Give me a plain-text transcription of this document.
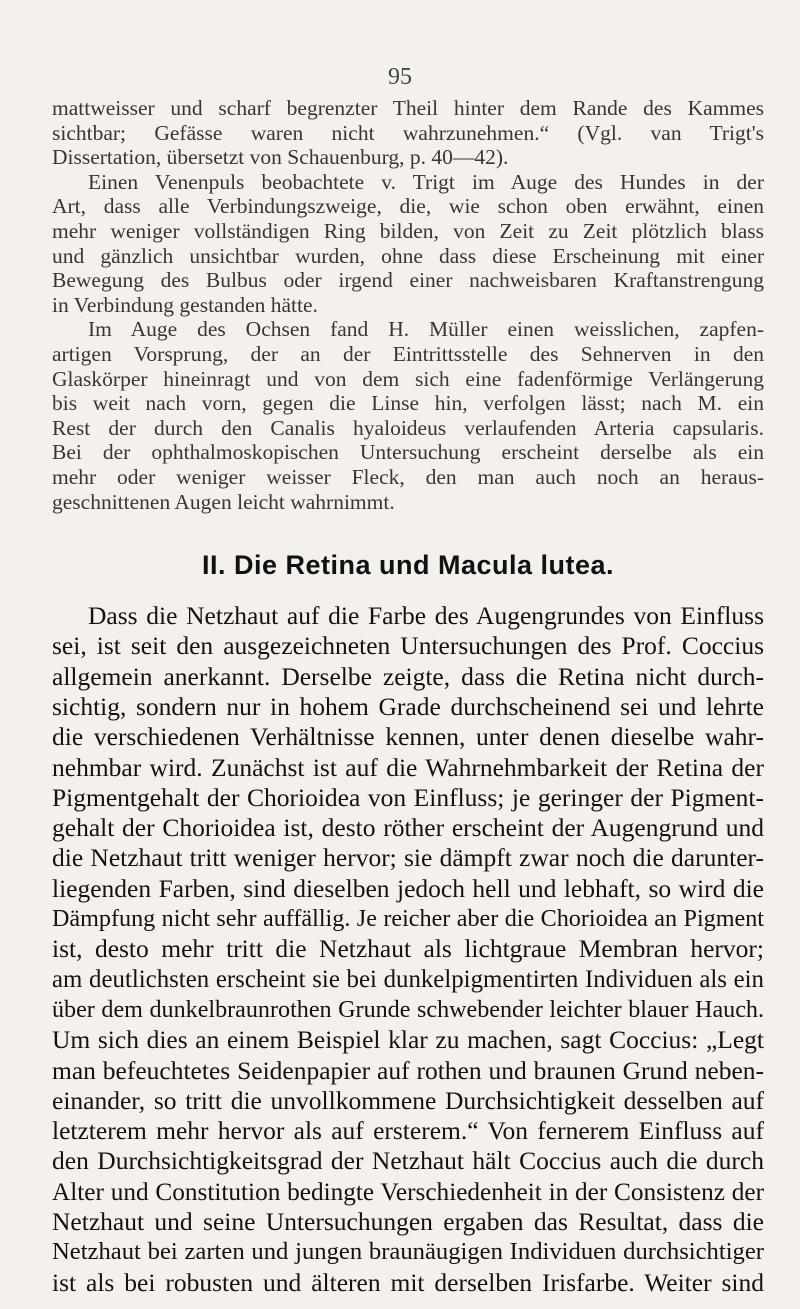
95
mattweisser und scharf begrenzter Theil hinter dem Rande des Kammes
sichtbar; Gefässe waren nicht wahrzunehmen.“ (Vgl. van Trigt's
Dissertation, übersetzt von Schauenburg, p. 40—42).
Einen Venenpuls beobachtete v. Trigt im Auge des Hundes in der
Art, dass alle Verbindungszweige, die, wie schon oben erwähnt, einen
mehr weniger vollständigen Ring bilden, von Zeit zu Zeit plötzlich blass
und gänzlich unsichtbar wurden, ohne dass diese Erscheinung mit einer
Bewegung des Bulbus oder irgend einer nachweisbaren Kraftanstrengung
in Verbindung gestanden hätte.
Im Auge des Ochsen fand H. Müller einen weisslichen, zapfen-
artigen Vorsprung, der an der Eintrittsstelle des Sehnerven in den
Glaskörper hineinragt und von dem sich eine fadenförmige Verlängerung
bis weit nach vorn, gegen die Linse hin, verfolgen lässt; nach M. ein
Rest der durch den Canalis hyaloideus verlaufenden Arteria capsularis.
Bei der ophthalmoskopischen Untersuchung erscheint derselbe als ein
mehr oder weniger weisser Fleck, den man auch noch an heraus-
geschnittenen Augen leicht wahrnimmt.
II. Die Retina und Macula lutea.
Dass die Netzhaut auf die Farbe des Augengrundes von Einfluss
sei, ist seit den ausgezeichneten Untersuchungen des Prof. Coccius
allgemein anerkannt. Derselbe zeigte, dass die Retina nicht durch-
sichtig, sondern nur in hohem Grade durchscheinend sei und lehrte
die verschiedenen Verhältnisse kennen, unter denen dieselbe wahr-
nehmbar wird. Zunächst ist auf die Wahrnehmbarkeit der Retina der
Pigmentgehalt der Chorioidea von Einfluss; je geringer der Pigment-
gehalt der Chorioidea ist, desto röther erscheint der Augengrund und
die Netzhaut tritt weniger hervor; sie dämpft zwar noch die darunter-
liegenden Farben, sind dieselben jedoch hell und lebhaft, so wird die
Dämpfung nicht sehr auffällig. Je reicher aber die Chorioidea an Pigment
ist, desto mehr tritt die Netzhaut als lichtgraue Membran hervor;
am deutlichsten erscheint sie bei dunkelpigmentirten Individuen als ein
über dem dunkelbraunrothen Grunde schwebender leichter blauer Hauch.
Um sich dies an einem Beispiel klar zu machen, sagt Coccius: „Legt
man befeuchtetes Seidenpapier auf rothen und braunen Grund neben-
einander, so tritt die unvollkommene Durchsichtigkeit desselben auf
letzterem mehr hervor als auf ersterem.“ Von fernerem Einfluss auf
den Durchsichtigkeitsgrad der Netzhaut hält Coccius auch die durch
Alter und Constitution bedingte Verschiedenheit in der Consistenz der
Netzhaut und seine Untersuchungen ergaben das Resultat, dass die
Netzhaut bei zarten und jungen braunäugigen Individuen durchsichtiger
ist als bei robusten und älteren mit derselben Irisfarbe. Weiter sind
